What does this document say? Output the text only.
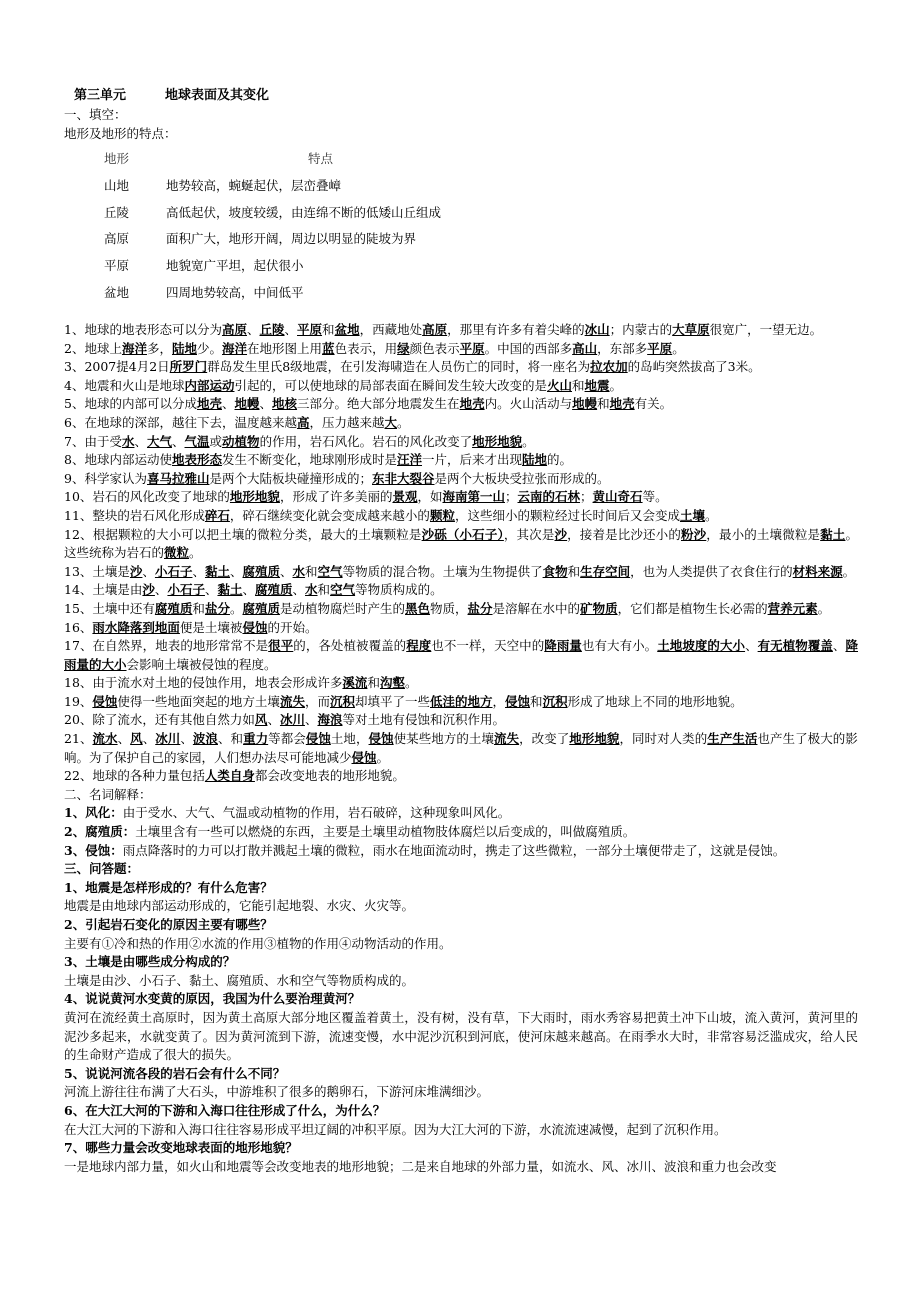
第三单元　　　地球表面及其变化
一、填空：
地形及地形的特点：
地形	特点
山地	地势较高，蜿蜒起伏，层峦叠嶂
丘陵	高低起伏，坡度较缓，由连绵不断的低矮山丘组成
高原	面积广大，地形开阔，周边以明显的陡坡为界
平原	地貌宽广平坦，起伏很小
盆地	四周地势较高，中间低平

1、地球的地表形态可以分为高原、丘陵、平原和盆地，西藏地处高原，那里有许多有着尖峰的冰山；内蒙古的大草原很宽广，一望无边。

2、地球上海洋多，陆地少。海洋在地形图上用蓝色表示，用绿颜色表示平原。中国的西部多高山，东部多平原。

3、2007提4月2日所罗门群岛发生里氏8级地震，在引发海啸造在人员伤亡的同时，将一座名为拉农加的岛屿突然拔高了3米。

4、地震和火山是地球内部运动引起的，可以使地球的局部表面在瞬间发生较大改变的是火山和地震。

5、地球的内部可以分成地壳、地幔、地核三部分。绝大部分地震发生在地壳内。火山活动与地幔和地壳有关。

6、在地球的深部，越往下去，温度越来越高，压力越来越大。

7、由于受水、大气、气温或动植物的作用，岩石风化。岩石的风化改变了地形地貌。

8、地球内部运动使地表形态发生不断变化，地球刚形成时是汪洋一片，后来才出现陆地的。

9、科学家认为喜马拉雅山是两个大陆板块碰撞形成的；东非大裂谷是两个大板块受拉张而形成的。

10、岩石的风化改变了地球的地形地貌，形成了许多美丽的景观，如海南第一山；云南的石林；黄山奇石等。

11、整块的岩石风化形成碎石，碎石继续变化就会变成越来越小的颗粒，这些细小的颗粒经过长时间后又会变成土壤。

12、根据颗粒的大小可以把土壤的微粒分类，最大的土壤颗粒是沙砾（小石子），其次是沙，接着是比沙还小的粉沙，最小的土壤微粒是黏土。这些统称为岩石的微粒。

13、土壤是沙、小石子、黏土、腐殖质、水和空气等物质的混合物。土壤为生物提供了食物和生存空间，也为人类提供了衣食住行的材料来源。

14、土壤是由沙、小石子、黏土、腐殖质、水和空气等物质构成的。

15、土壤中还有腐殖质和盐分。腐殖质是动植物腐烂时产生的黑色物质，盐分是溶解在水中的矿物质，它们都是植物生长必需的营养元素。

16、雨水降落到地面便是土壤被侵蚀的开始。

17、在自然界，地表的地形常常不是很平的，各处植被覆盖的程度也不一样，天空中的降雨量也有大有小。土地坡度的大小、有无植物覆盖、降雨量的大小会影响土壤被侵蚀的程度。

18、由于流水对土地的侵蚀作用，地表会形成许多溪流和沟壑。

19、侵蚀使得一些地面突起的地方土壤流失，而沉积却填平了一些低洼的地方，侵蚀和沉积形成了地球上不同的地形地貌。

20、除了流水，还有其他自然力如风、冰川、海浪等对土地有侵蚀和沉积作用。

21、流水、风、冰川、波浪、和重力等都会侵蚀土地，侵蚀使某些地方的土壤流失，改变了地形地貌，同时对人类的生产生活也产生了极大的影响。为了保护自己的家园，人们想办法尽可能地减少侵蚀。

22、地球的各种力量包括人类自身都会改变地表的地形地貌。

二、名词解释：

1、风化：由于受水、大气、气温或动植物的作用，岩石破碎，这种现象叫风化。

2、腐殖质：土壤里含有一些可以燃烧的东西，主要是土壤里动植物肢体腐烂以后变成的，叫做腐殖质。

3、侵蚀：雨点降落时的力可以打散并溅起土壤的微粒，雨水在地面流动时，携走了这些微粒，一部分土壤便带走了，这就是侵蚀。

三、问答题：

1、地震是怎样形成的？有什么危害？

地震是由地球内部运动形成的，它能引起地裂、水灾、火灾等。

2、引起岩石变化的原因主要有哪些？

主要有①冷和热的作用②水流的作用③植物的作用④动物活动的作用。

3、土壤是由哪些成分构成的？

土壤是由沙、小石子、黏土、腐殖质、水和空气等物质构成的。

4、说说黄河水变黄的原因，我国为什么要治理黄河？

黄河在流经黄土高原时，因为黄土高原大部分地区覆盖着黄土，没有树，没有草，下大雨时，雨水秀容易把黄土冲下山坡，流入黄河，黄河里的泥沙多起来，水就变黄了。因为黄河流到下游，流速变慢，水中泥沙沉积到河底，使河床越来越高。在雨季水大时，非常容易泛滥成灾，给人民的生命财产造成了很大的损失。

5、说说河流各段的岩石会有什么不同？

河流上游往往布满了大石头，中游堆积了很多的鹅卵石，下游河床堆满细沙。

6、在大江大河的下游和入海口往往形成了什么，为什么？

在大江大河的下游和入海口往往容易形成平坦辽阔的冲积平原。因为大江大河的下游，水流流速减慢，起到了沉积作用。

7、哪些力量会改变地球表面的地形地貌？

一是地球内部力量，如火山和地震等会改变地表的地形地貌；二是来自地球的外部力量，如流水、风、冰川、波浪和重力也会改变
